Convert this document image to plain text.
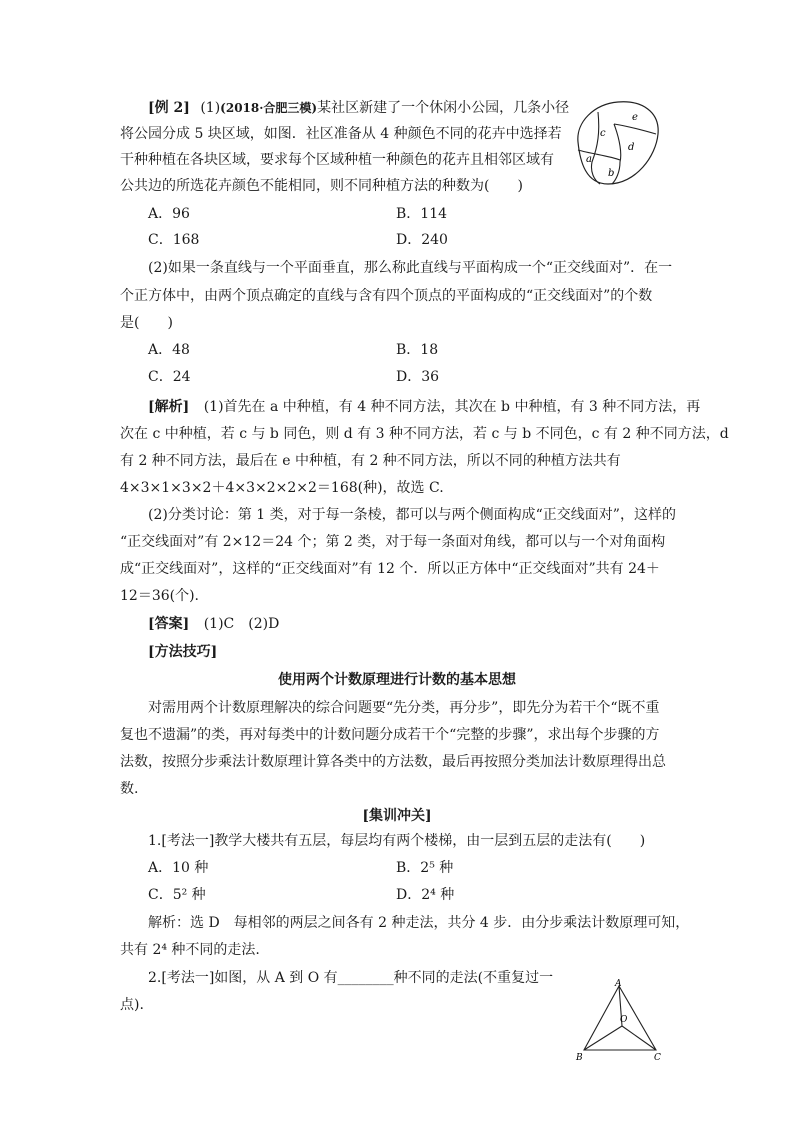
[例 2] (1)(2018·合肥三模)某社区新建了一个休闲小公园，几条小径
将公园分成 5 块区域，如图．社区准备从 4 种颜色不同的花卉中选择若
干种种植在各块区域，要求每个区域种植一种颜色的花卉且相邻区域有
公共边的所选花卉颜色不能相同，则不同种植方法的种数为(　　)
a
b
c
d
e
A．96	B．114
C．168	D．240
(2)如果一条直线与一个平面垂直，那么称此直线与平面构成一个“正交线面对”．在一
个正方体中，由两个顶点确定的直线与含有四个顶点的平面构成的“正交线面对”的个数
是(　　)
A．48	B．18
C．24	D．36
[解析] (1)首先在 a 中种植，有 4 种不同方法，其次在 b 中种植，有 3 种不同方法，再
次在 c 中种植，若 c 与 b 同色，则 d 有 3 种不同方法，若 c 与 b 不同色，c 有 2 种不同方法，d
有 2 种不同方法，最后在 e 中种植，有 2 种不同方法，所以不同的种植方法共有
4×3×1×3×2＋4×3×2×2×2＝168(种)，故选 C.
(2)分类讨论：第 1 类，对于每一条棱，都可以与两个侧面构成“正交线面对”，这样的
“正交线面对”有 2×12＝24 个；第 2 类，对于每一条面对角线，都可以与一个对角面构
成“正交线面对”，这样的“正交线面对”有 12 个．所以正方体中“正交线面对”共有 24＋
12＝36(个).
[答案] (1)C　(2)D
[方法技巧]
使用两个计数原理进行计数的基本思想
对需用两个计数原理解决的综合问题要“先分类，再分步”，即先分为若干个“既不重
复也不遗漏”的类，再对每类中的计数问题分成若干个“完整的步骤”，求出每个步骤的方
法数，按照分步乘法计数原理计算各类中的方法数，最后再按照分类加法计数原理得出总
数.
[集训冲关]
1.[考法一]教学大楼共有五层，每层均有两个楼梯，由一层到五层的走法有(　　)
A．10 种	B．2⁵ 种
C．5² 种	D．2⁴ 种
解析：选 D　每相邻的两层之间各有 2 种走法，共分 4 步．由分步乘法计数原理可知，
共有 2⁴ 种不同的走法.
2.[考法一]如图，从 A 到 O 有________种不同的走法(不重复过一
点).
A
B	C
O
